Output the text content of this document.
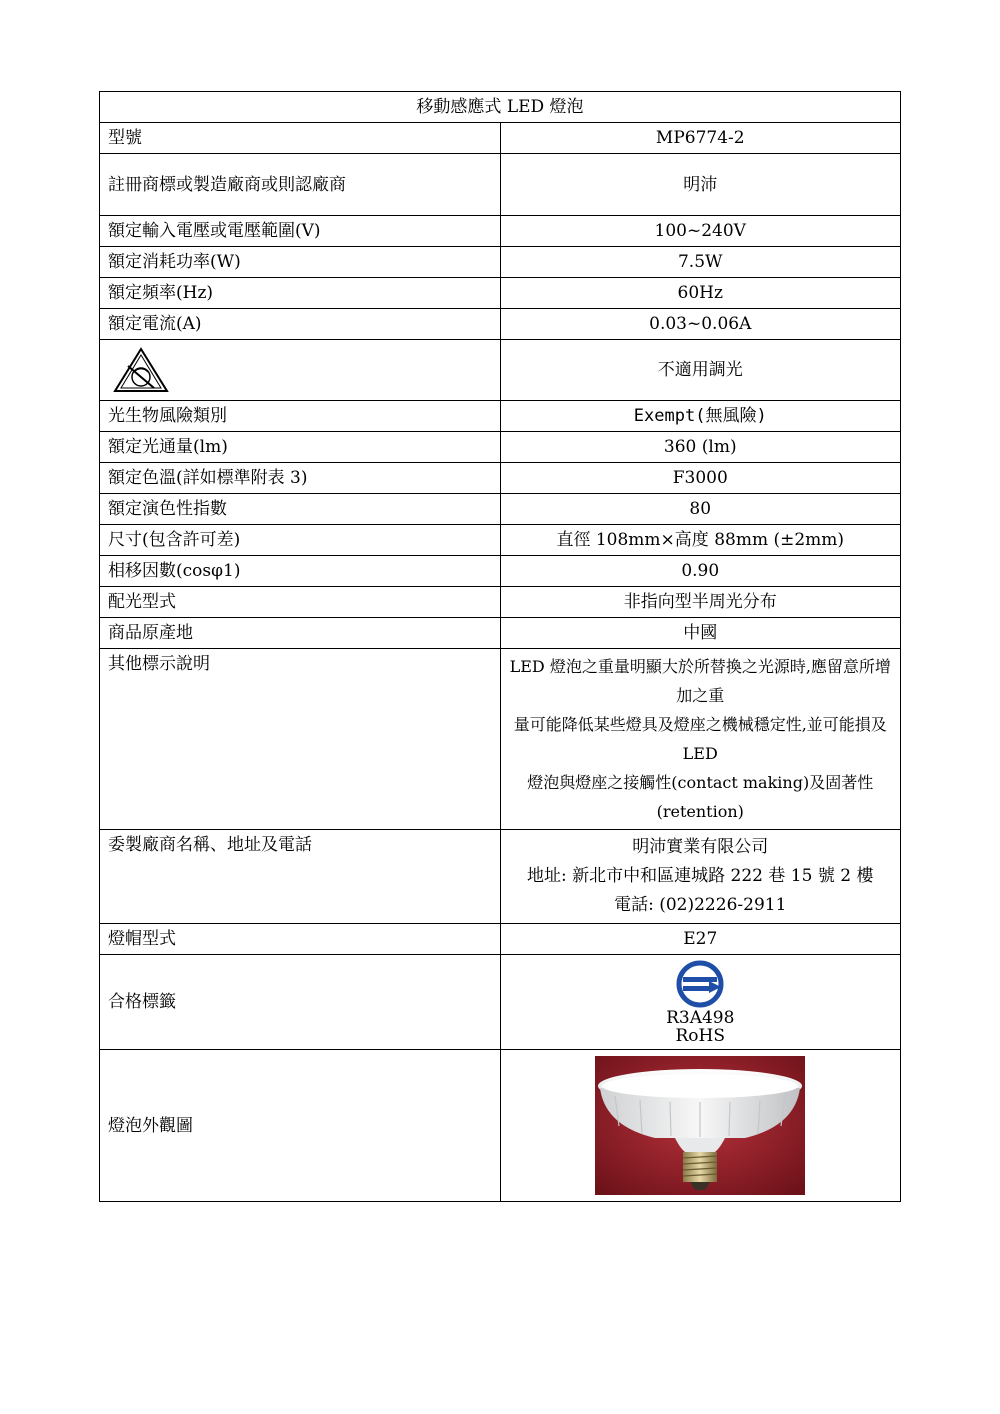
移動感應式 LED 燈泡	
型號	MP6774-2
註冊商標或製造廠商或則認廠商	明沛
額定輸入電壓或電壓範圍(V)	100~240V
額定消耗功率(W)	7.5W
額定頻率(Hz)	60Hz
額定電流(A)	0.03~0.06A

	不適用調光
光生物風險類別	Exempt(無風險)
額定光通量(lm)	360 (lm)
額定色溫(詳如標準附表 3)	F3000
額定演色性指數	80
尺寸(包含許可差)	直徑 108mm×高度 88mm (±2mm)
相移因數(cosφ1)	0.90
配光型式	非指向型半周光分布
商品原產地	中國
其他標示說明	LED 燈泡之重量明顯大於所替換之光源時,應留意所增加之重
量可能降低某些燈具及燈座之機械穩定性,並可能損及 LED
燈泡與燈座之接觸性(contact making)及固著性(retention)

委製廠商名稱、地址及電話	明沛實業有限公司
地址: 新北市中和區連城路 222 巷 15 號 2 樓
電話: (02)2226-2911

燈帽型式	E27
合格標籤	R3A498
RoHS

燈泡外觀圖	
